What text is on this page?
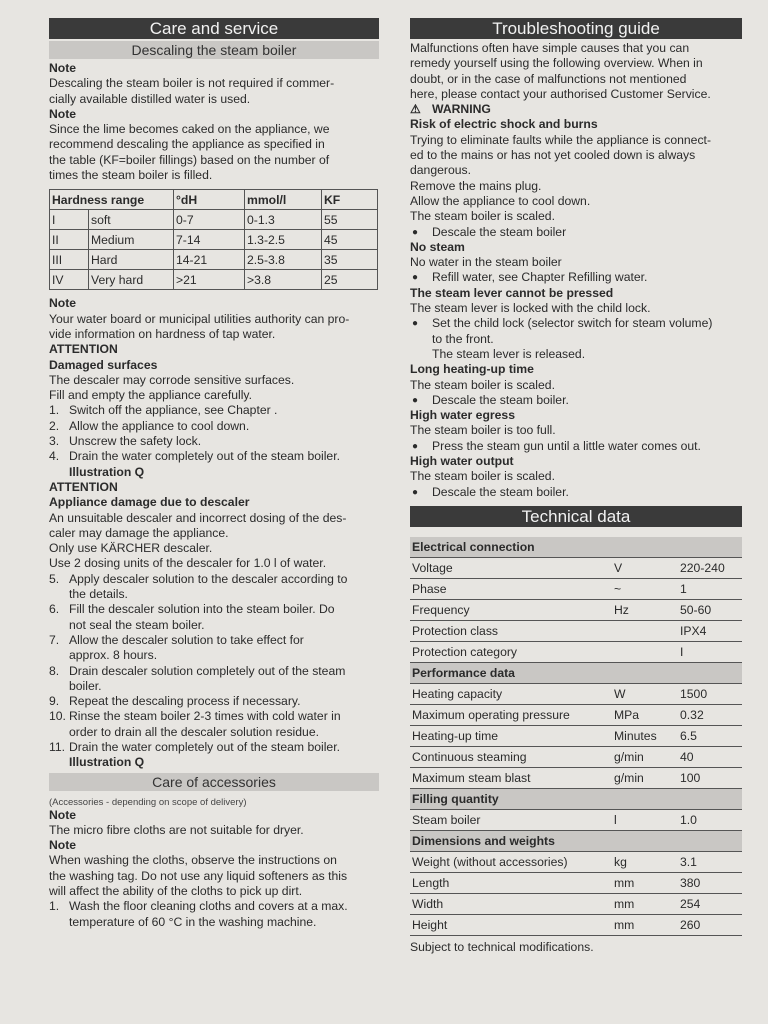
Care and service
Descaling the steam boiler

Note

Descaling the steam boiler is not required if commer-

cially available distilled water is used.

Note

Since the lime becomes caked on the appliance, we

recommend descaling the appliance as specified in

the table (KF=boiler fillings) based on the number of

times the steam boiler is filled.

Hardness range		°dH	mmol/l	KF
I	soft	0-7	0-1.3	55
II	Medium	7-14	1.3-2.5	45
III	Hard	14-21	2.5-3.8	35
IV	Very hard	>21	>3.8	25

Note

Your water board or municipal utilities authority can pro-

vide information on hardness of tap water.

ATTENTION

Damaged surfaces

The descaler may corrode sensitive surfaces.

Fill and empty the appliance carefully.

1. Switch off the appliance, see Chapter .
2. Allow the appliance to cool down.
3. Unscrew the safety lock.
4. Drain the water completely out of the steam boiler.
Illustration Q

ATTENTION

Appliance damage due to descaler

An unsuitable descaler and incorrect dosing of the des-

caler may damage the appliance.

Only use KÄRCHER descaler.

Use 2 dosing units of the descaler for 1.0 l of water.

5. Apply descaler solution to the descaler according to
the details.
6. Fill the descaler solution into the steam boiler. Do
not seal the steam boiler.
7. Allow the descaler solution to take effect for
approx. 8 hours.
8. Drain descaler solution completely out of the steam
boiler.
9. Repeat the descaling process if necessary.
10. Rinse the steam boiler 2-3 times with cold water in
order to drain all the descaler solution residue.
11. Drain the water completely out of the steam boiler.
Illustration Q
Care of accessories
(Accessories - depending on scope of delivery)

Note

The micro fibre cloths are not suitable for dryer.

Note

When washing the cloths, observe the instructions on

the washing tag. Do not use any liquid softeners as this

will affect the ability of the cloths to pick up dirt.

1. Wash the floor cleaning cloths and covers at a max.
temperature of 60 °C in the washing machine.
Troubleshooting guide

Malfunctions often have simple causes that you can

remedy yourself using the following overview. When in

doubt, or in the case of malfunctions not mentioned

here, please contact your authorised Customer Service.

⚠ WARNING

Risk of electric shock and burns

Trying to eliminate faults while the appliance is connect-

ed to the mains or has not yet cooled down is always

dangerous.

Remove the mains plug.

Allow the appliance to cool down.

The steam boiler is scaled.

● Descale the steam boiler

No steam

No water in the steam boiler

● Refill water, see Chapter Refilling water.

The steam lever cannot be pressed

The steam lever is locked with the child lock.

● Set the child lock (selector switch for steam volume)
to the front.
The steam lever is released.

Long heating-up time

The steam boiler is scaled.

● Descale the steam boiler.

High water egress

The steam boiler is too full.

● Press the steam gun until a little water comes out.

High water output

The steam boiler is scaled.

● Descale the steam boiler.
Technical data
Electrical connection		
Voltage	V	220-240
Phase	~	1
Frequency	Hz	50-60
Protection class		IPX4
Protection category		I
Performance data		
Heating capacity	W	1500
Maximum operating pressure	MPa	0.32
Heating-up time	Minutes	6.5
Continuous steaming	g/min	40
Maximum steam blast	g/min	100
Filling quantity		
Steam boiler	l	1.0
Dimensions and weights		
Weight (without accessories)	kg	3.1
Length	mm	380
Width	mm	254
Height	mm	260

Subject to technical modifications.
